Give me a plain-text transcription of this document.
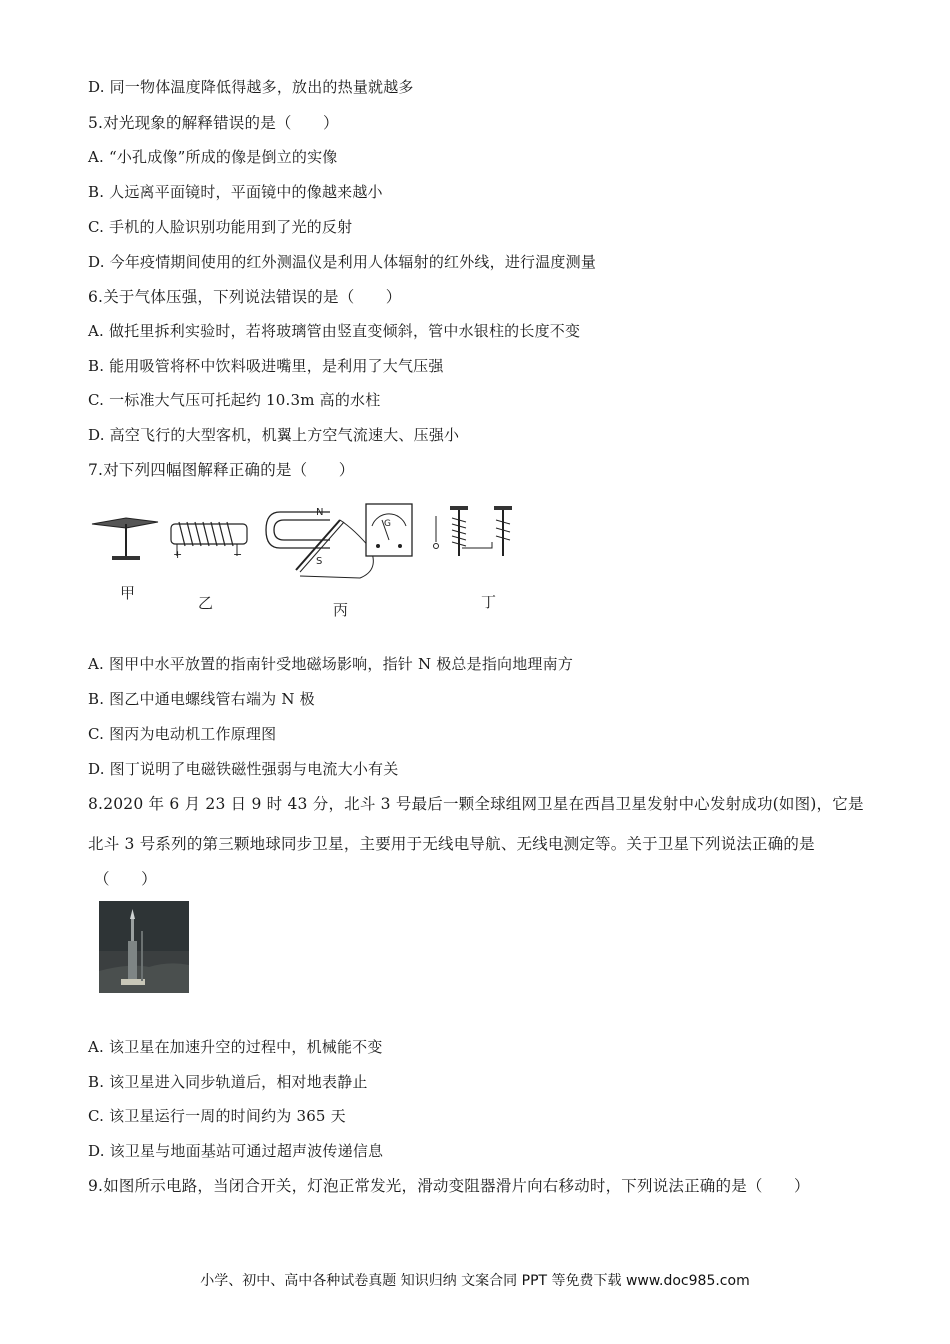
D. 同一物体温度降低得越多，放出的热量就越多
5.对光现象的解释错误的是（　　）
A. “小孔成像”所成的像是倒立的实像
B. 人远离平面镜时，平面镜中的像越来越小
C. 手机的人脸识别功能用到了光的反射
D. 今年疫情期间使用的红外测温仪是利用人体辐射的红外线，进行温度测量
6.关于气体压强，下列说法错误的是（　　）
A. 做托里拆利实验时，若将玻璃管由竖直变倾斜，管中水银柱的长度不变
B. 能用吸管将杯中饮料吸进嘴里，是利用了大气压强
C. 一标准大气压可托起约 10.3m 高的水柱
D. 高空飞行的大型客机，机翼上方空气流速大、压强小
7.对下列四幅图解释正确的是（　　）
+	−
N
S
G
甲
乙	丙	丁
A. 图甲中水平放置的指南针受地磁场影响，指针 N 极总是指向地理南方
B. 图乙中通电螺线管右端为 N 极
C. 图丙为电动机工作原理图
D. 图丁说明了电磁铁磁性强弱与电流大小有关
8.2020 年 6 月 23 日 9 时 43 分，北斗 3 号最后一颗全球组网卫星在西昌卫星发射中心发射成功(如图)，它是
北斗 3 号系列的第三颗地球同步卫星，主要用于无线电导航、无线电测定等。关于卫星下列说法正确的是
（　　）
A. 该卫星在加速升空的过程中，机械能不变
B. 该卫星进入同步轨道后，相对地表静止
C. 该卫星运行一周的时间约为 365 天
D. 该卫星与地面基站可通过超声波传递信息
9.如图所示电路，当闭合开关，灯泡正常发光，滑动变阻器滑片向右移动时，下列说法正确的是（　　）
小学、初中、高中各种试卷真题 知识归纳 文案合同 PPT 等免费下载 www.doc985.com
